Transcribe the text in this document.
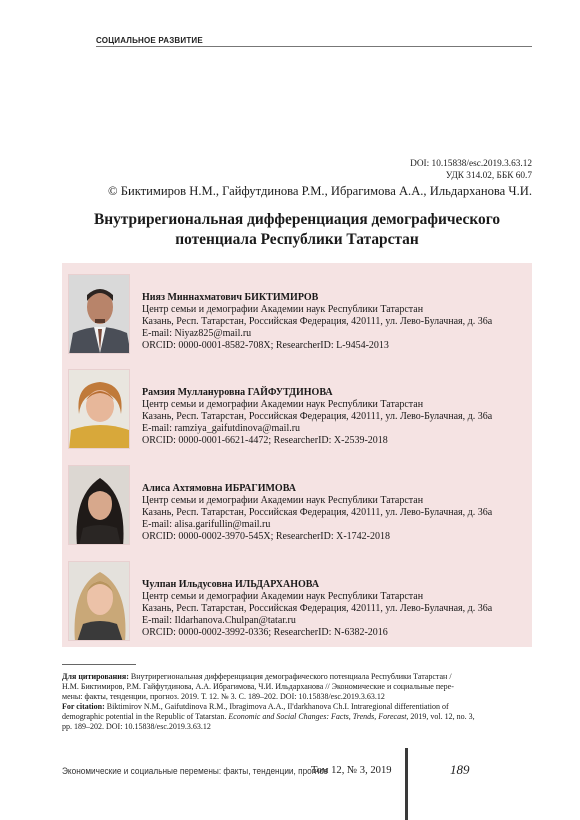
СОЦИАЛЬНОЕ РАЗВИТИЕ
DOI: 10.15838/esc.2019.3.63.12
УДК 314.02, ББК 60.7
© Биктимиров Н.М., Гайфутдинова Р.М., Ибрагимова А.А., Ильдарханова Ч.И.
Внутрирегиональная дифференциация демографического
потенциала Республики Татарстан
Нияз Миннахматович БИКТИМИРОВ
Центр семьи и демографии Академии наук Республики Татарстан
Казань, Респ. Татарстан, Российская Федерация, 420111, ул. Лево-Булачная, д. 36а
E-mail: Niyaz825@mail.ru
ORCID: 0000-0001-8582-708X; ResearcherID: L-9454-2013
Рамзия Муллануровна ГАЙФУТДИНОВА
Центр семьи и демографии Академии наук Республики Татарстан
Казань, Респ. Татарстан, Российская Федерация, 420111, ул. Лево-Булачная, д. 36а
E-mail: ramziya_gaifutdinova@mail.ru
ORCID: 0000-0001-6621-4472; ResearcherID: X-2539-2018
Алиса Ахтямовна ИБРАГИМОВА
Центр семьи и демографии Академии наук Республики Татарстан
Казань, Респ. Татарстан, Российская Федерация, 420111, ул. Лево-Булачная, д. 36а
E-mail: alisa.garifullin@mail.ru
ORCID: 0000-0002-3970-545X; ResearcherID: X-1742-2018
Чулпан Ильдусовна ИЛЬДАРХАНОВА
Центр семьи и демографии Академии наук Республики Татарстан
Казань, Респ. Татарстан, Российская Федерация, 420111, ул. Лево-Булачная, д. 36а
E-mail: Ildarhanova.Chulpan@tatar.ru
ORCID: 0000-0002-3992-0336; ResearcherID: N-6382-2016
Для цитирования: Внутрирегиональная дифференциация демографического потенциала Республики Татарстан /
Н.М. Биктимиров, Р.М. Гайфутдинова, А.А. Ибрагимова, Ч.И. Ильдарханова // Экономические и социальные пере-
мены: факты, тенденции, прогноз. 2019. Т. 12. № 3. С. 189–202. DOI: 10.15838/esc.2019.3.63.12
For citation: Biktimirov N.M., Gaifutdinova R.M., Ibragimova A.A., Il'darkhanova Ch.I. Intraregional differentiation of
demographic potential in the Republic of Tatarstan. Economic and Social Changes: Facts, Trends, Forecast, 2019, vol. 12, no. 3,
pp. 189–202. DOI: 10.15838/esc.2019.3.63.12
Экономические и социальные перемены: факты, тенденции, прогноз
Том 12, № 3, 2019	189
